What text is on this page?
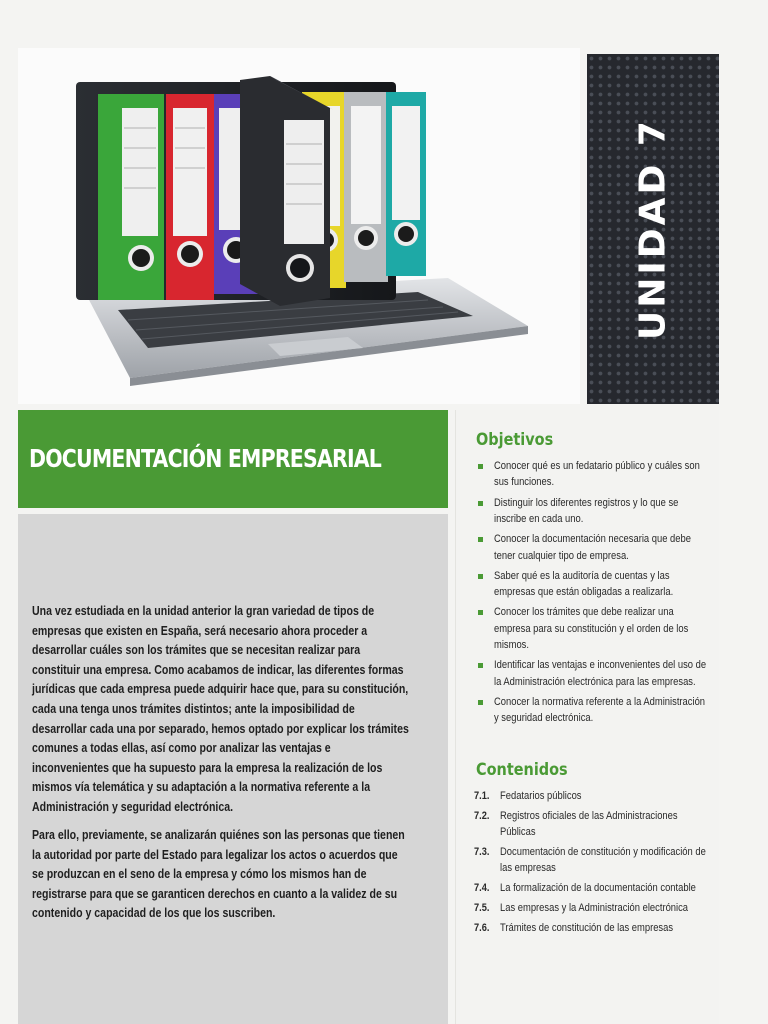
UNIDAD 7
DOCUMENTACIÓN EMPRESARIAL

Una vez estudiada en la unidad anterior la gran variedad de tipos de empresas que existen en España, será necesario ahora proceder a desarrollar cuáles son los trámites que se necesitan realizar para constituir una empresa. Como acabamos de indicar, las diferentes formas jurídicas que cada empresa puede adquirir hace que, para su constitución, cada una tenga unos trámites distintos; ante la imposibilidad de desarrollar cada una por separado, hemos optado por explicar los trámites comunes a todas ellas, así como por analizar las ventajas e inconvenientes que ha supuesto para la empresa la realización de los mismos vía telemática y su adaptación a la normativa referente a la Administración y seguridad electrónica.

Para ello, previamente, se analizarán quiénes son las personas que tienen la autoridad por parte del Estado para legalizar los actos o acuerdos que se produzcan en el seno de la empresa y cómo los mismos han de registrarse para que se garanticen derechos en cuanto a la validez de su contenido y capacidad de los que los suscriben.

Objetivos
Conocer qué es un fedatario público y cuáles son sus funciones.
Distinguir los diferentes registros y lo que se inscribe en cada uno.
Conocer la documentación necesaria que debe tener cualquier tipo de empresa.
Saber qué es la auditoría de cuentas y las empresas que están obligadas a realizarla.
Conocer los trámites que debe realizar una empresa para su constitución y el orden de los mismos.
Identificar las ventajas e inconvenientes del uso de la Administración electrónica para las empresas.
Conocer la normativa referente a la Administración y seguridad electrónica.
Contenidos
7.1. Fedatarios públicos
7.2. Registros oficiales de las Administraciones Públicas
7.3. Documentación de constitución y modificación de las empresas
7.4. La formalización de la documentación contable
7.5. Las empresas y la Administración electrónica
7.6. Trámites de constitución de las empresas
